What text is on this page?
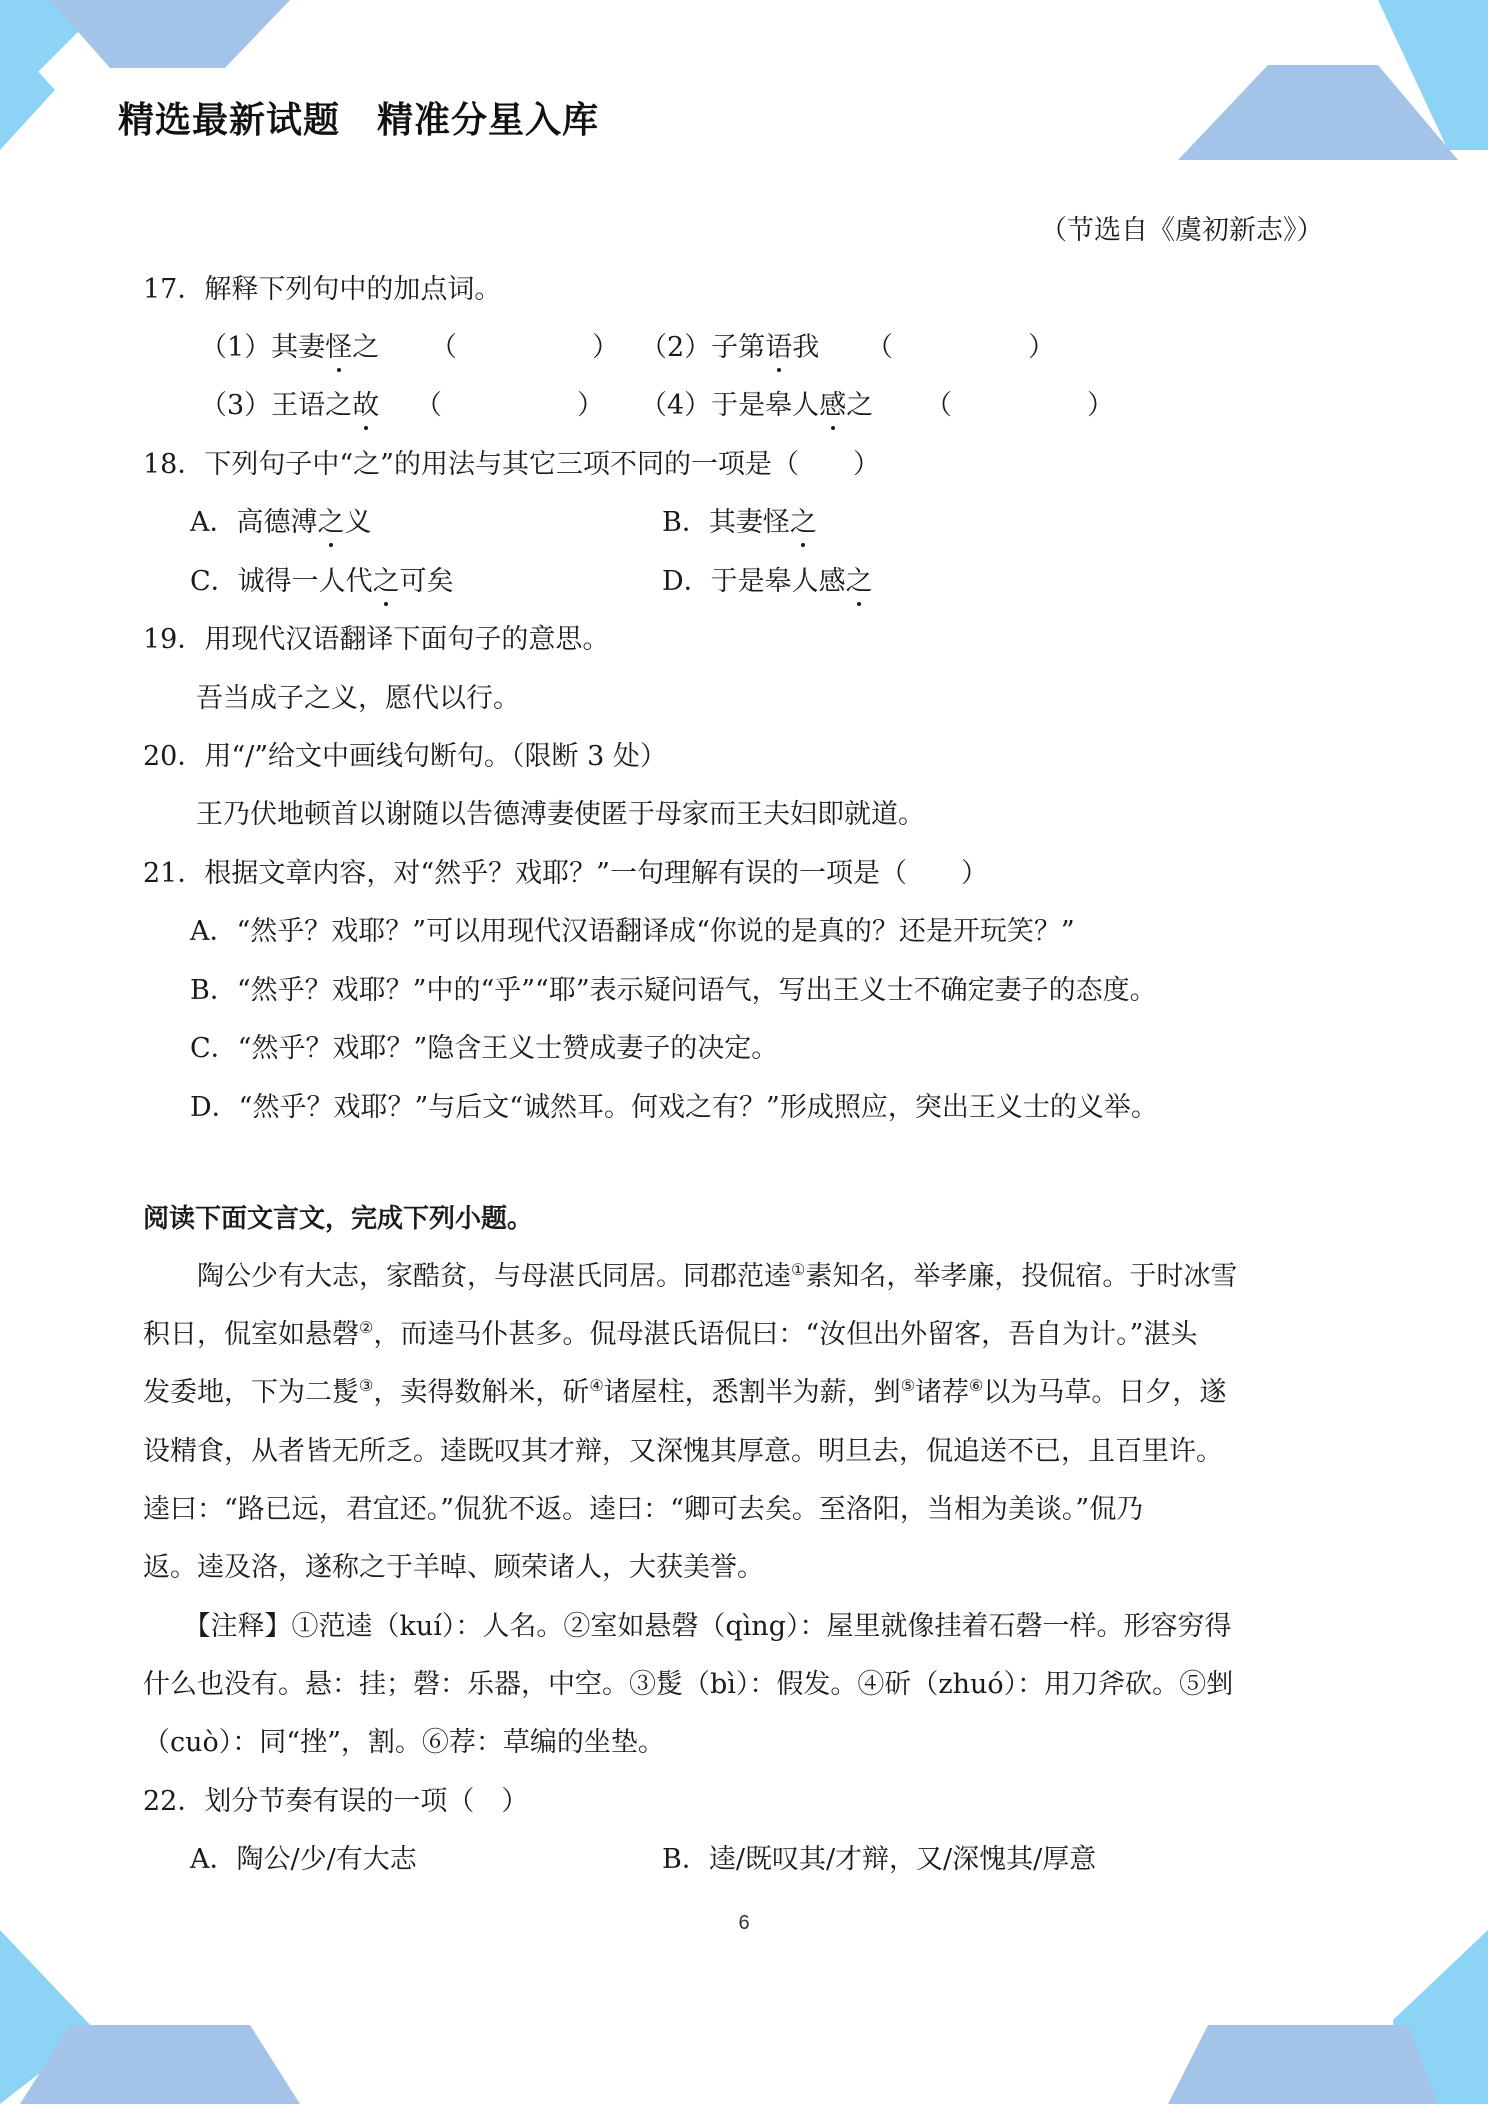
精选最新试题　精准分星入库
（节选自《虞初新志》）
17．解释下列句中的加点词。
（1）其妻怪之 （　　　　　） （2）子第语我 （　　　　　）
（3）王语之故 （　　　　　） （4）于是皋人感之 （　　　　　）
18．下列句子中“之”的用法与其它三项不同的一项是（　　）
A．高德溥之义	B．其妻怪之
C．诚得一人代之可矣	D．于是皋人感之
19．用现代汉语翻译下面句子的意思。
吾当成子之义，愿代以行。
20．用“/”给文中画线句断句。（限断 3 处）
王乃伏地顿首以谢随以告德溥妻使匿于母家而王夫妇即就道。
21．根据文章内容，对“然乎？戏耶？”一句理解有误的一项是（　　）
A．“然乎？戏耶？”可以用现代汉语翻译成“你说的是真的？还是开玩笑？”
B．“然乎？戏耶？”中的“乎”“耶”表示疑问语气，写出王义士不确定妻子的态度。
C．“然乎？戏耶？”隐含王义士赞成妻子的决定。
D．“然乎？戏耶？”与后文“诚然耳。何戏之有？”形成照应，突出王义士的义举。
阅读下面文言文，完成下列小题。
　　陶公少有大志，家酷贫，与母湛氏同居。同郡范逵①素知名，举孝廉，投侃宿。于时冰雪
积日，侃室如悬磬②，而逵马仆甚多。侃母湛氏语侃曰：“汝但出外留客，吾自为计。”湛头
发委地，下为二髲③，卖得数斛米，斫④诸屋柱，悉割半为薪，剉⑤诸荐⑥以为马草。日夕，遂
设精食，从者皆无所乏。逵既叹其才辩，又深愧其厚意。明旦去，侃追送不已，且百里许。
逵曰：“路已远，君宜还。”侃犹不返。逵曰：“卿可去矣。至洛阳，当相为美谈。”侃乃
返。逵及洛，遂称之于羊晫、顾荣诸人，大获美誉。
　　【注释】①范逵（kuí）：人名。②室如悬磬（qìng）：屋里就像挂着石磬一样。形容穷得
什么也没有。悬：挂；磬：乐器，中空。③髲（bì）：假发。④斫（zhuó）：用刀斧砍。⑤剉
（cuò）：同“挫”，割。⑥荐：草编的坐垫。
22．划分节奏有误的一项（　）
A．陶公/少/有大志	B．逵/既叹其/才辩，又/深愧其/厚意
6
